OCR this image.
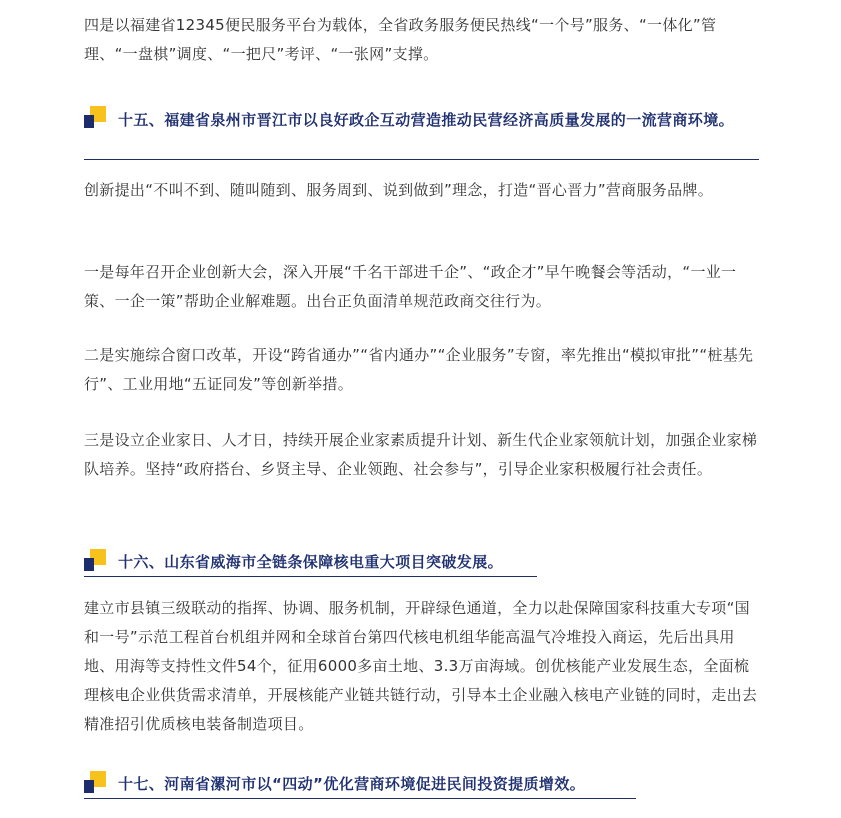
四是以福建省12345便民服务平台为载体，全省政务服务便民热线“一个号”服务、“一体化”管理、“一盘棋”调度、“一把尺”考评、“一张网”支撑。

十五、福建省泉州市晋江市以良好政企互动营造推动民营经济高质量发展的一流营商环境。

创新提出“不叫不到、随叫随到、服务周到、说到做到”理念，打造“晋心晋力”营商服务品牌。

一是每年召开企业创新大会，深入开展“千名干部进千企”、“政企才”早午晚餐会等活动，“一业一策、一企一策”帮助企业解难题。出台正负面清单规范政商交往行为。

二是实施综合窗口改革，开设“跨省通办”“省内通办”“企业服务”专窗，率先推出“模拟审批”“桩基先行”、工业用地“五证同发”等创新举措。

三是设立企业家日、人才日，持续开展企业家素质提升计划、新生代企业家领航计划，加强企业家梯队培养。坚持“政府搭台、乡贤主导、企业领跑、社会参与”，引导企业家积极履行社会责任。

十六、山东省威海市全链条保障核电重大项目突破发展。

建立市县镇三级联动的指挥、协调、服务机制，开辟绿色通道，全力以赴保障国家科技重大专项“国和一号”示范工程首台机组并网和全球首台第四代核电机组华能高温气冷堆投入商运，先后出具用地、用海等支持性文件54个，征用6000多亩土地、3.3万亩海域。创优核能产业发展生态，全面梳理核电企业供货需求清单，开展核能产业链共链行动，引导本土企业融入核电产业链的同时，走出去精准招引优质核电装备制造项目。

十七、河南省漯河市以“四动”优化营商环境促进民间投资提质增效。
